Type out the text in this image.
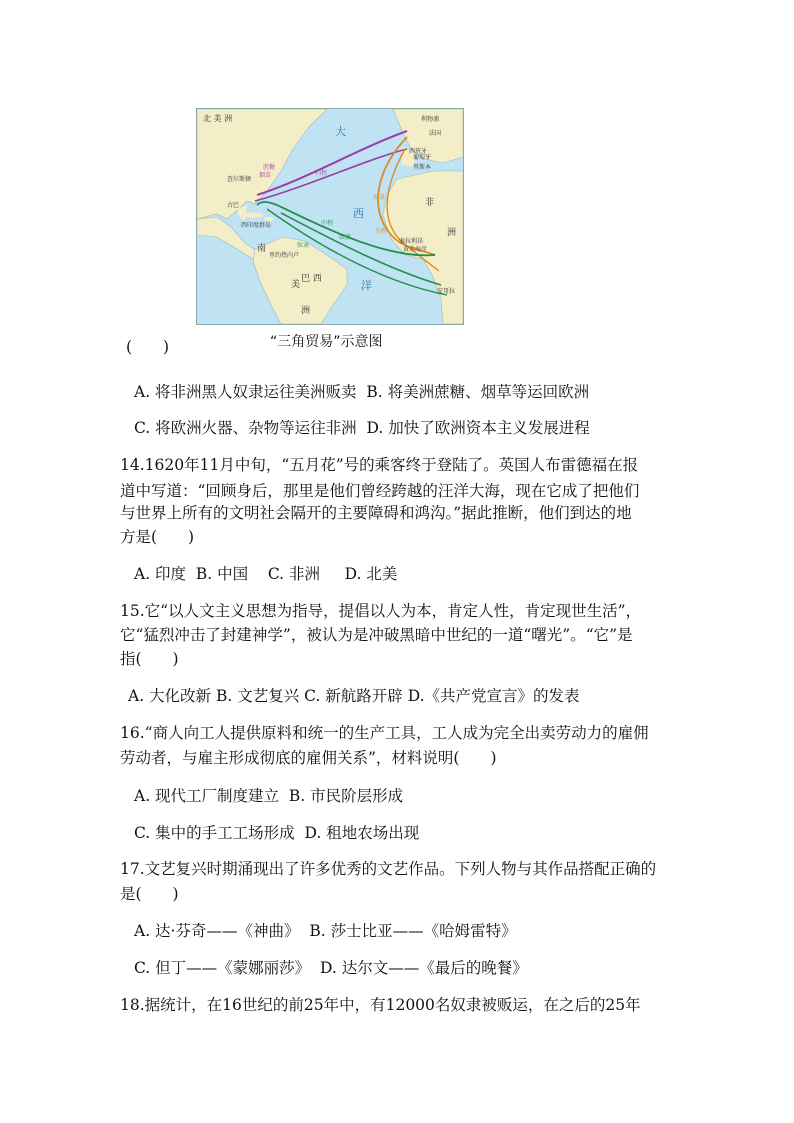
北 美 洲
大
西
洋
南
美
巴 西
洲
非
洲
利物浦
法国
葡萄牙
西班牙
里斯本
查尔斯顿
古巴
西印度群岛
里约热内卢
塞拉利昂
黄金海岸
安哥拉
归程
出程
中程
蔗糖
烟草
奴隶
奴隶
奴隶
“三角贸易”示意图
(　　)
A. 将非洲黑人奴隶运往美洲贩卖  B. 将美洲蔗糖、烟草等运回欧洲
C. 将欧洲火器、杂物等运往非洲  D. 加快了欧洲资本主义发展进程
14.1620年11月中旬，“五月花”号的乘客终于登陆了。英国人布雷德福在报
道中写道：“回顾身后，那里是他们曾经跨越的汪洋大海，现在它成了把他们
与世界上所有的文明社会隔开的主要障碍和鸿沟。”据此推断，他们到达的地
方是(　　)
A. 印度  B. 中国    C. 非洲     D. 北美
15.它“以人文主义思想为指导，提倡以人为本，肯定人性，肯定现世生活”，
它“猛烈冲击了封建神学”，被认为是冲破黑暗中世纪的一道“曙光”。“它”是
指(　　)
A. 大化改新 B. 文艺复兴 C. 新航路开辟 D.《共产党宣言》的发表
16.“商人向工人提供原料和统一的生产工具，工人成为完全出卖劳动力的雇佣
劳动者，与雇主形成彻底的雇佣关系”，材料说明(　　)
A. 现代工厂制度建立  B. 市民阶层形成
C. 集中的手工工场形成  D. 租地农场出现
17.文艺复兴时期涌现出了许多优秀的文艺作品。下列人物与其作品搭配正确的
是(　　)
A. 达·芬奇——《神曲》  B. 莎士比亚——《哈姆雷特》
C. 但丁——《蒙娜丽莎》  D. 达尔文——《最后的晚餐》
18.据统计，在16世纪的前25年中，有12000名奴隶被贩运，在之后的25年
